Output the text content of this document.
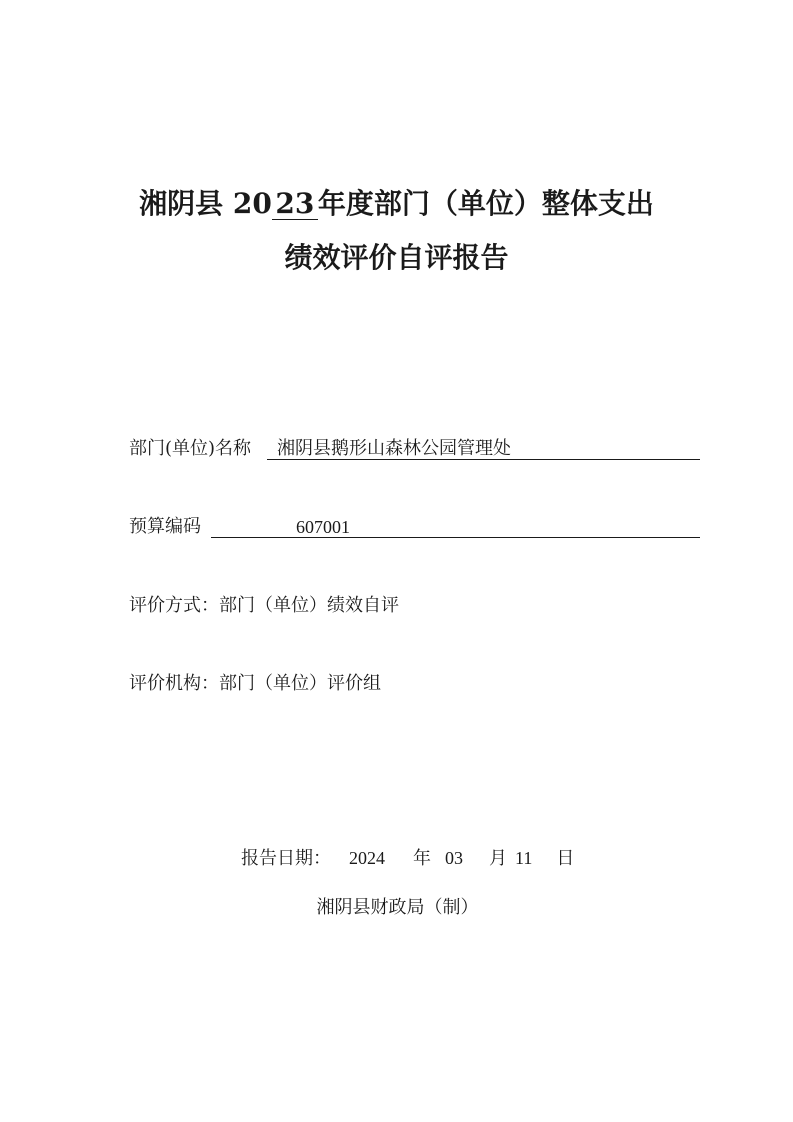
湘阴县 20 23 年度部门（单位）整体支出
绩效评价自评报告
部门(单位)名称 湘阴县鹅形山森林公园管理处
预算编码	607001
评价方式：部门（单位）绩效自评
评价机构：部门（单位）评价组
报告日期： 2024 年 03 月 11 日
湘阴县财政局（制）
